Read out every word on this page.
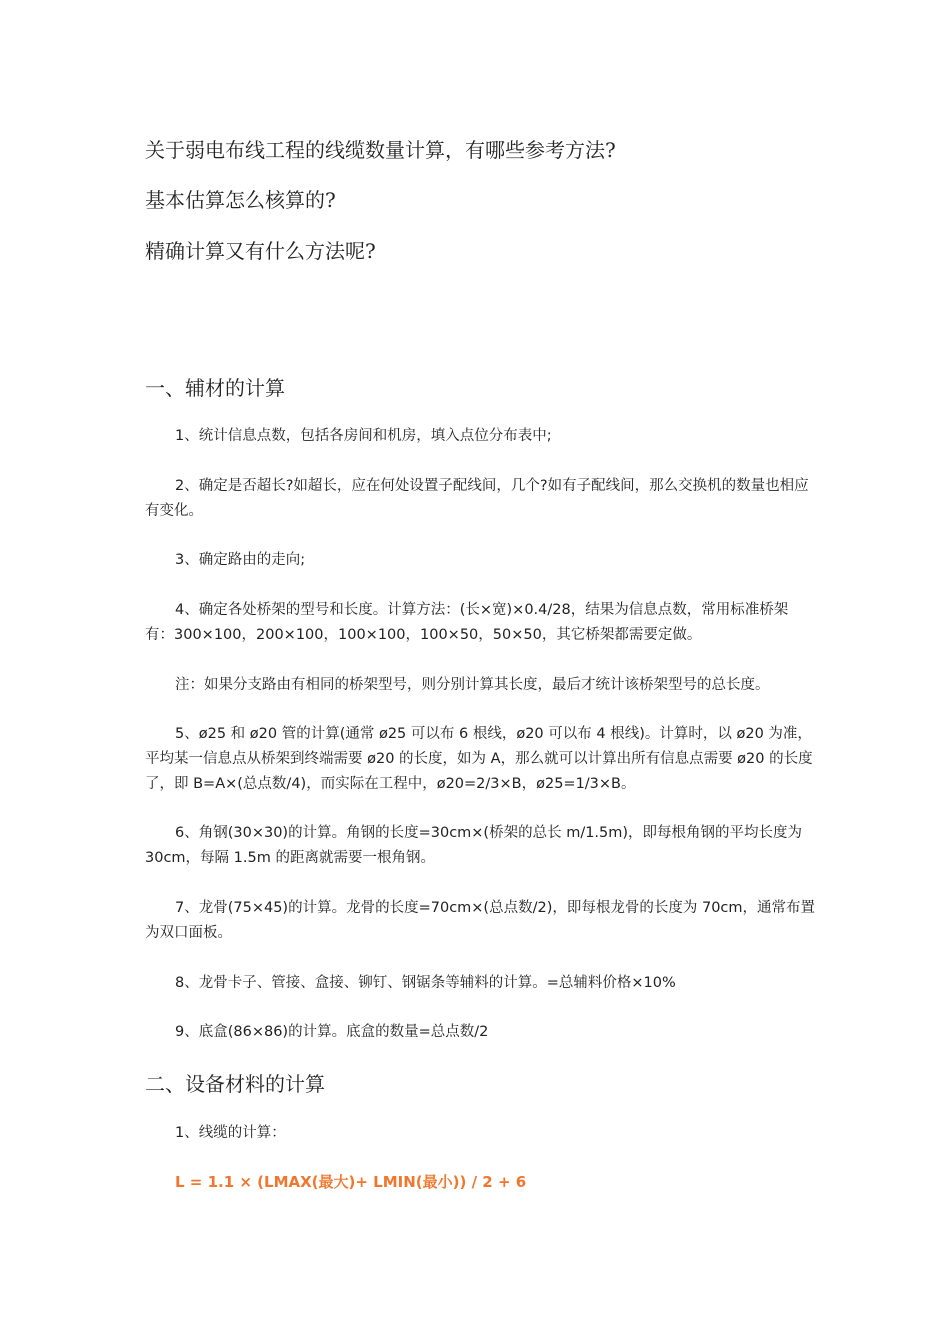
关于弱电布线工程的线缆数量计算，有哪些参考方法?
基本估算怎么核算的?
精确计算又有什么方法呢?
一、辅材的计算

1、统计信息点数，包括各房间和机房，填入点位分布表中;

2、确定是否超长?如超长，应在何处设置子配线间，几个?如有子配线间，那么交换机的数量也相应有变化。

3、确定路由的走向;

4、确定各处桥架的型号和长度。计算方法：(长×宽)×0.4/28，结果为信息点数，常用标准桥架有：300×100，200×100，100×100，100×50，50×50，其它桥架都需要定做。

注：如果分支路由有相同的桥架型号，则分别计算其长度，最后才统计该桥架型号的总长度。

5、ø25 和 ø20 管的计算(通常 ø25 可以布 6 根线，ø20 可以布 4 根线)。计算时，以 ø20 为准，平均某一信息点从桥架到终端需要 ø20 的长度，如为 A，那么就可以计算出所有信息点需要 ø20 的长度了，即 B=A×(总点数/4)，而实际在工程中，ø20=2/3×B，ø25=1/3×B。

6、角钢(30×30)的计算。角钢的长度=30cm×(桥架的总长 m/1.5m)，即每根角钢的平均长度为 30cm，每隔 1.5m 的距离就需要一根角钢。

7、龙骨(75×45)的计算。龙骨的长度=70cm×(总点数/2)，即每根龙骨的长度为 70cm，通常布置为双口面板。

8、龙骨卡子、管接、盒接、铆钉、钢锯条等辅料的计算。=总辅料价格×10%

9、底盒(86×86)的计算。底盒的数量=总点数/2

二、设备材料的计算

1、线缆的计算：

L = 1.1 × (LMAX(最大)+ LMIN(最小)) / 2 + 6
